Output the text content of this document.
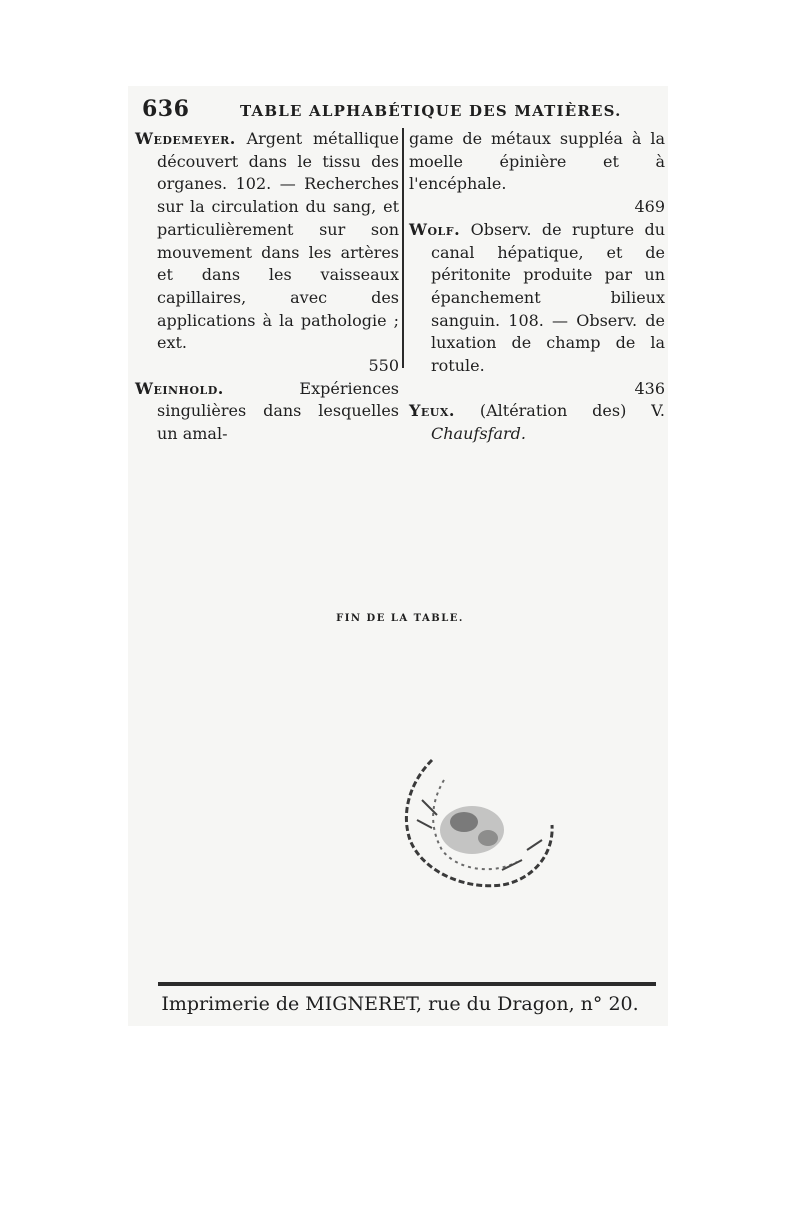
636	TABLE ALPHABÉTIQUE DES MATIÈRES.

Wedemeyer. Argent métallique découvert dans le tissu des organes. 102. — Recherches sur la circulation du sang, et particulièrement sur son mouvement dans les artères et dans les vaisseaux capillaires, avec des applications à la pathologie ; ext.
550

Weinhold.	Expériences singulières dans lesquelles un amal-

game de métaux suppléa à la moelle épinière et à l'encéphale.
469

Wolf. Observ. de rupture du canal hépatique, et de péritonite produite par un épanchement bilieux sanguin. 108. — Observ. de luxation de champ de la rotule.
436

Yeux. (Altération des) V. Chaufsfard.

FIN DE LA TABLE.
Imprimerie de MIGNERET, rue du Dragon, n° 20.
